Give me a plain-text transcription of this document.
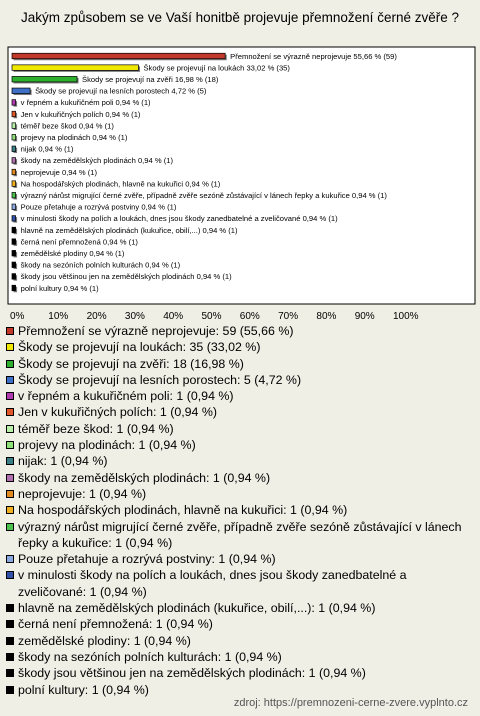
Jakým způsobem se ve Vaší honitbě projevuje přemnožení černé zvěře ?
Přemnožení se výrazně neprojevuje 55,66 % (59)
Škody se projevují na loukách 33,02 % (35)
Škody se projevují na zvěři 16,98 % (18)
Škody se projevují na lesních porostech 4,72 % (5)
v řepném a kukuřičném poli 0,94 % (1)
Jen v kukuřičných polích 0,94 % (1)
téměř beze škod 0,94 % (1)
projevy na plodinách 0,94 % (1)
nijak 0,94 % (1)
škody na zemědělských plodinách 0,94 % (1)
neprojevuje 0,94 % (1)
Na hospodářských plodinách, hlavně na kukuřici 0,94 % (1)
výrazný nárůst migrující černé zvěře, případně zvěře sezóně zůstávající v lánech řepky a kukuřice 0,94 % (1)
Pouze přetahuje a rozrývá postviny 0,94 % (1)
v minulosti škody na polích a loukách, dnes jsou škody zanedbatelné a zveličované 0,94 % (1)
hlavně na zemědělských plodinách (kukuřice, obilí,...) 0,94 % (1)
černá není přemnožená 0,94 % (1)
zemědělské plodiny 0,94 % (1)
škody na sezóních polních kulturách 0,94 % (1)
škody jsou většinou jen na zemědělských plodinách 0,94 % (1)
polní kultury 0,94 % (1)
0% 10% 20% 30% 40% 50% 60% 70% 80% 90% 100%
Přemnožení se výrazně neprojevuje: 59 (55,66 %)
Škody se projevují na loukách: 35 (33,02 %)
Škody se projevují na zvěři: 18 (16,98 %)
Škody se projevují na lesních porostech: 5 (4,72 %)
v řepném a kukuřičném poli: 1 (0,94 %)
Jen v kukuřičných polích: 1 (0,94 %)
téměř beze škod: 1 (0,94 %)
projevy na plodinách: 1 (0,94 %)
nijak: 1 (0,94 %)
škody na zemědělských plodinách: 1 (0,94 %)
neprojevuje: 1 (0,94 %)
Na hospodářských plodinách, hlavně na kukuřici: 1 (0,94 %)
výrazný nárůst migrující černé zvěře, případně zvěře sezóně zůstávající v lánech řepky a kukuřice: 1 (0,94 %)
Pouze přetahuje a rozrývá postviny: 1 (0,94 %)
v minulosti škody na polích a loukách, dnes jsou škody zanedbatelné a zveličované: 1 (0,94 %)
hlavně na zemědělských plodinách (kukuřice, obilí,...): 1 (0,94 %)
černá není přemnožená: 1 (0,94 %)
zemědělské plodiny: 1 (0,94 %)
škody na sezóních polních kulturách: 1 (0,94 %)
škody jsou většinou jen na zemědělských plodinách: 1 (0,94 %)
polní kultury: 1 (0,94 %)
zdroj: https://premnozeni-cerne-zvere.vyplnto.cz
